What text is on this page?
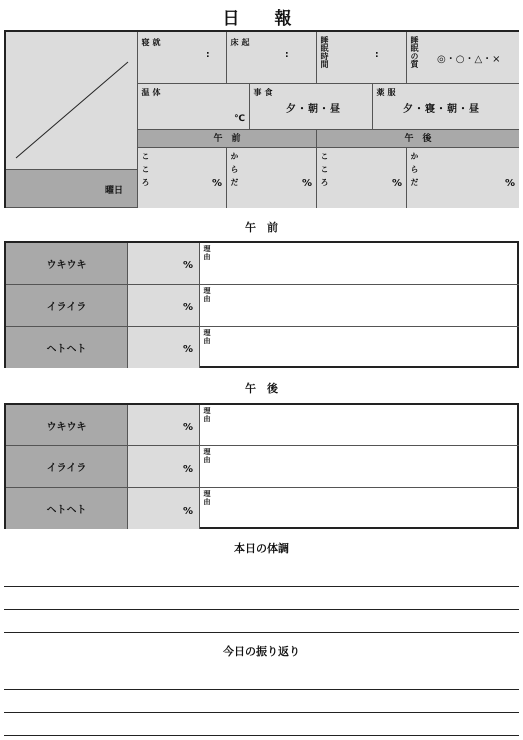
日　報
曜日
就寝	:	起床	:	睡眠時間	:	睡眠の質 ◎・○・△・×
体温
℃
食事	夕・朝・昼	服薬	夕・寝・朝・昼
午　前	午　後
こころ	% からだ	% こころ	% からだ	%
午　前
ウキウキ	%
理由
イライラ	%
理由
ヘトヘト	%
理由
午　後
ウキウキ	%
理由
イライラ	%
理由
ヘトヘト	%
理由
本日の体調
今日の振り返り
